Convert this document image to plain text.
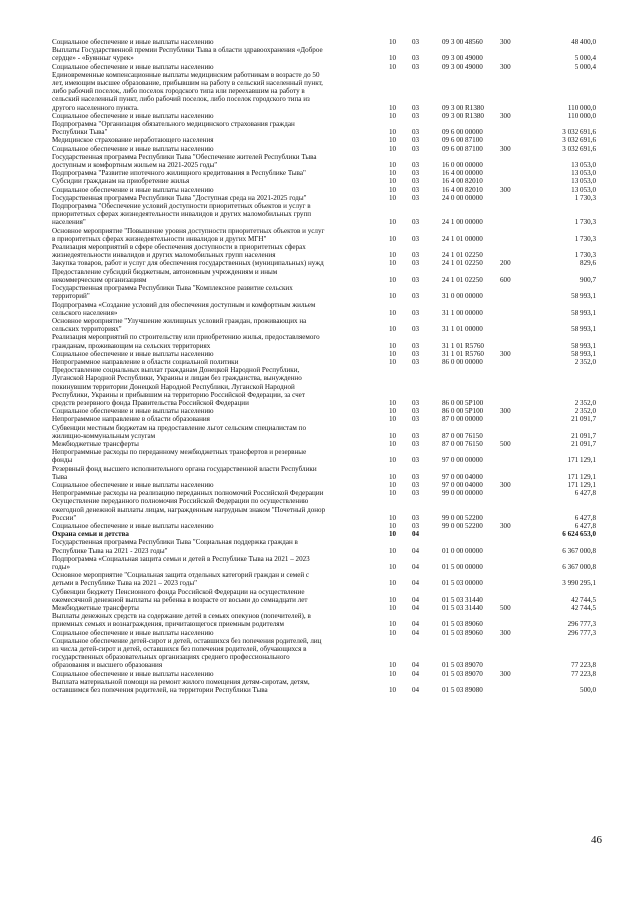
Социальное обеспечение и иные выплаты населению	10	03	09 3 00 48560	300	48 400,0
Выплаты Государственной премии Республики Тыва в области здравоохранения «Доброе
сердце» - «Буянныг чурек»	10	03	09 3 00 49000	5 000,4
Социальное обеспечение и иные выплаты населению	10	03	09 3 00 49000	300	5 000,4
Единовременные компенсационные выплаты медицинским работникам в возрасте до 50
лет, имеющим высшее образование, прибывшим на работу в сельский населенный пункт,
либо рабочий поселок, либо поселок городского типа или переехавшим на работу в
сельский населенный пункт, либо рабочий поселок, либо поселок городского типа из
другого населенного пункта.	10	03	09 3 00 R1380	110 000,0
Социальное обеспечение и иные выплаты населению	10	03	09 3 00 R1380	300	110 000,0
Подпрограмма "Организация обязательного медицинского страхования граждан
Республики Тыва"	10	03	09 6 00 00000	3 032 691,6
Медицинское страхование неработающего населения	10	03	09 6 00 87100	3 032 691,6
Социальное обеспечение и иные выплаты населению	10	03	09 6 00 87100	300	3 032 691,6
Государственная программа Республики Тыва "Обеспечение жителей Республики Тыва
доступным и комфортным жильем на 2021-2025 годы"	10	03	16 0 00 00000	13 053,0
Подпрограмма "Развитие ипотечного жилищного кредитования в Республике Тыва"	10	03	16 4 00 00000	13 053,0
Субсидии гражданам на приобретение жилья	10	03	16 4 00 82010	13 053,0
Социальное обеспечение и иные выплаты населению	10	03	16 4 00 82010	300	13 053,0
Государственная программа Республики Тыва "Доступная среда на 2021-2025 годы"	10	03	24 0 00 00000	1 730,3
Подпрограмма "Обеспечение условий доступности приоритетных объектов и услуг в
приоритетных сферах жизнедеятельности инвалидов и других маломобильных групп
населения"	10	03	24 1 00 00000	1 730,3
Основное мероприятие "Повышение уровня доступности приоритетных объектов и услуг
в приоритетных сферах жизнедеятельности инвалидов и других МГН"	10	03	24 1 01 00000	1 730,3
Реализация мероприятий в сфере обеспечения доступности в приоритетных сферах
жизнедеятельности инвалидов и других маломобильных групп населения	10	03	24 1 01 02250	1 730,3
Закупка товаров, работ и услуг для обеспечения государственных (муниципальных) нужд	10	03	24 1 01 02250	200	829,6
Предоставление субсидий бюджетным, автономным учреждениям и иным
некоммерческим организациям	10	03	24 1 01 02250	600	900,7
Государственная программа Республики Тыва "Комплексное развитие сельских
территорий"	10	03	31 0 00 00000	58 993,1
Подпрограмма «Создание условий для обеспечения доступным и комфортным жильем
сельского населения»	10	03	31 1 00 00000	58 993,1
Основное мероприятие "Улучшение жилищных условий граждан, проживающих на
сельских территориях"	10	03	31 1 01 00000	58 993,1
Реализация мероприятий по строительству или приобретению жилья, предоставляемого
гражданам, проживающим на сельских территориях	10	03	31 1 01 R5760	58 993,1
Социальное обеспечение и иные выплаты населению	10	03	31 1 01 R5760	300	58 993,1
Непрограммное направление в области социальной политики	10	03	86 0 00 00000	2 352,0
Предоставление социальных выплат гражданам Донецкой Народной Республики,
Луганской Народной Республики, Украины и лицам без гражданства, вынужденно
покинувшим территории Донецкой Народной Республики, Луганской Народной
Республики, Украины и прибывшим на территорию Российской Федерации, за счет
средств резервного фонда Правительства Российской Федерации	10	03	86 0 00 5Р100	2 352,0
Социальное обеспечение и иные выплаты населению	10	03	86 0 00 5Р100	300	2 352,0
Непрограммное направление в области образования	10	03	87 0 00 00000	21 091,7
Субвенции местным бюджетам на предоставление льгот сельским специалистам по
жилищно-коммунальным услугам	10	03	87 0 00 76150	21 091,7
Межбюджетные трансферты	10	03	87 0 00 76150	500	21 091,7
Непрограммные расходы по переданному межбюджетных трансфертов и резервные
фонды	10	03	97 0 00 00000	171 129,1
Резервный фонд высшего исполнительного органа государственной власти Республики
Тыва	10	03	97 0 00 04000	171 129,1
Социальное обеспечение и иные выплаты населению	10	03	97 0 00 04000	300	171 129,1
Непрограммные расходы на реализацию переданных полномочий Российской Федерации	10	03	99 0 00 00000	6 427,8
Осуществление переданного полномочия Российской Федерации по осуществлению
ежегодной денежной выплаты лицам, награжденным нагрудным знаком "Почетный донор
России"	10	03	99 0 00 52200	6 427,8
Социальное обеспечение и иные выплаты населению	10	03	99 0 00 52200	300	6 427,8
Охрана семьи и детства	10	04	6 624 653,0
Государственная программа Республики Тыва "Социальная поддержка граждан в
Республике Тыва на 2021 - 2023 годы"	10	04	01 0 00 00000	6 367 000,8
Подпрограмма «Социальная защита семьи и детей в Республике Тыва на 2021 – 2023
годы»	10	04	01 5 00 00000	6 367 000,8
Основное мероприятие "Социальная защита отдельных категорий граждан и семей с
детьми в Республике Тыва на 2021 – 2023 годы"	10	04	01 5 03 00000	3 990 295,1
Субвенции бюджету Пенсионного фонда Российской Федерации на осуществление
ежемесячной денежной выплаты на ребенка в возрасте от восьми до семнадцати лет	10	04	01 5 03 31440	42 744,5
Межбюджетные трансферты	10	04	01 5 03 31440	500	42 744,5
Выплаты денежных средств на содержание детей в семьях опекунов (попечителей), в
приемных семьях и вознаграждения, причитающегося приемным родителям	10	04	01 5 03 89060	296 777,3
Социальное обеспечение и иные выплаты населению	10	04	01 5 03 89060	300	296 777,3
Социальное обеспечение детей-сирот и детей, оставшихся без попечения родителей, лиц
из числа детей-сирот и детей, оставшихся без попечения родителей, обучающихся в
государственных образовательных организациях среднего профессионального
образования и высшего образования	10	04	01 5 03 89070	77 223,8
Социальное обеспечение и иные выплаты населению	10	04	01 5 03 89070	300	77 223,8
Выплата материальной помощи на ремонт жилого помещения детям-сиротам, детям,
оставшимся без попечения родителей, на территории Республики Тыва	10	04	01 5 03 89080	500,0
46
